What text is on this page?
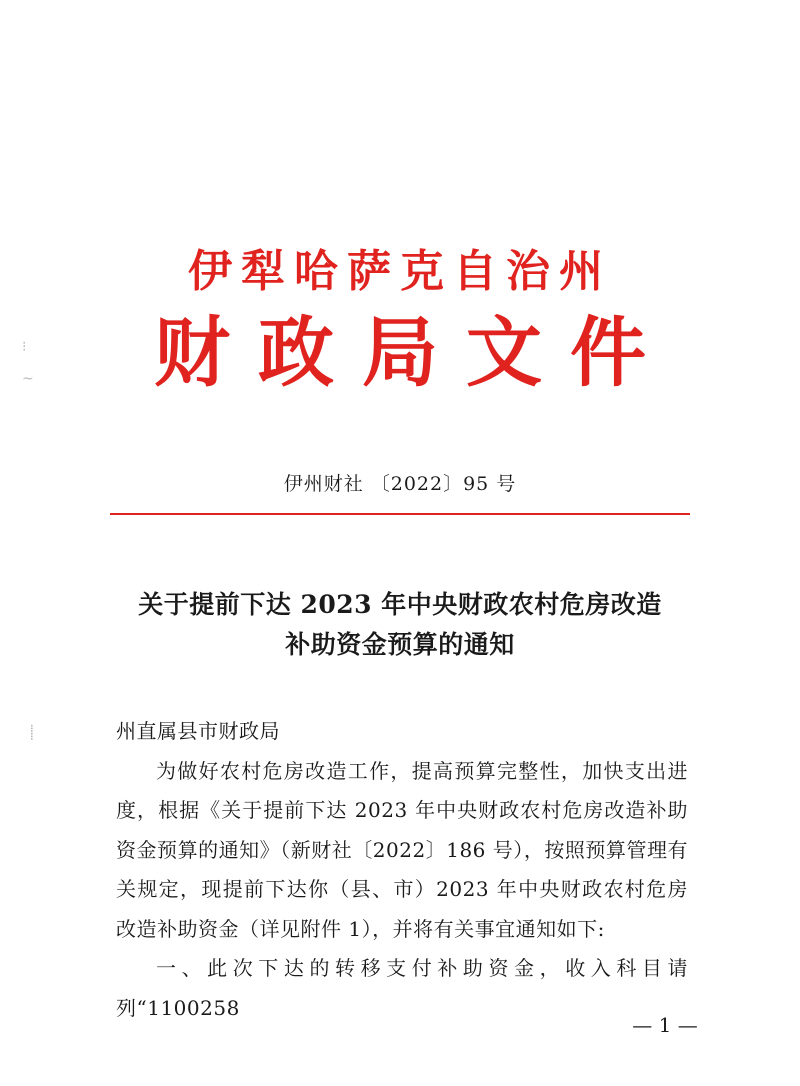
⁝
~
⸽
伊犁哈萨克自治州
财政局文件
伊州财社 〔2022〕95 号
关于提前下达 2023 年中央财政农村危房改造
补助资金预算的通知

州直属县市财政局

为做好农村危房改造工作，提高预算完整性，加快支出进度，根据《关于提前下达 2023 年中央财政农村危房改造补助资金预算的通知》（新财社〔2022〕186 号），按照预算管理有关规定，现提前下达你（县、市）2023 年中央财政农村危房改造补助资金（详见附件 1），并将有关事宜通知如下:

一、此次下达的转移支付补助资金，收入科目请列“1100258

— 1 —
